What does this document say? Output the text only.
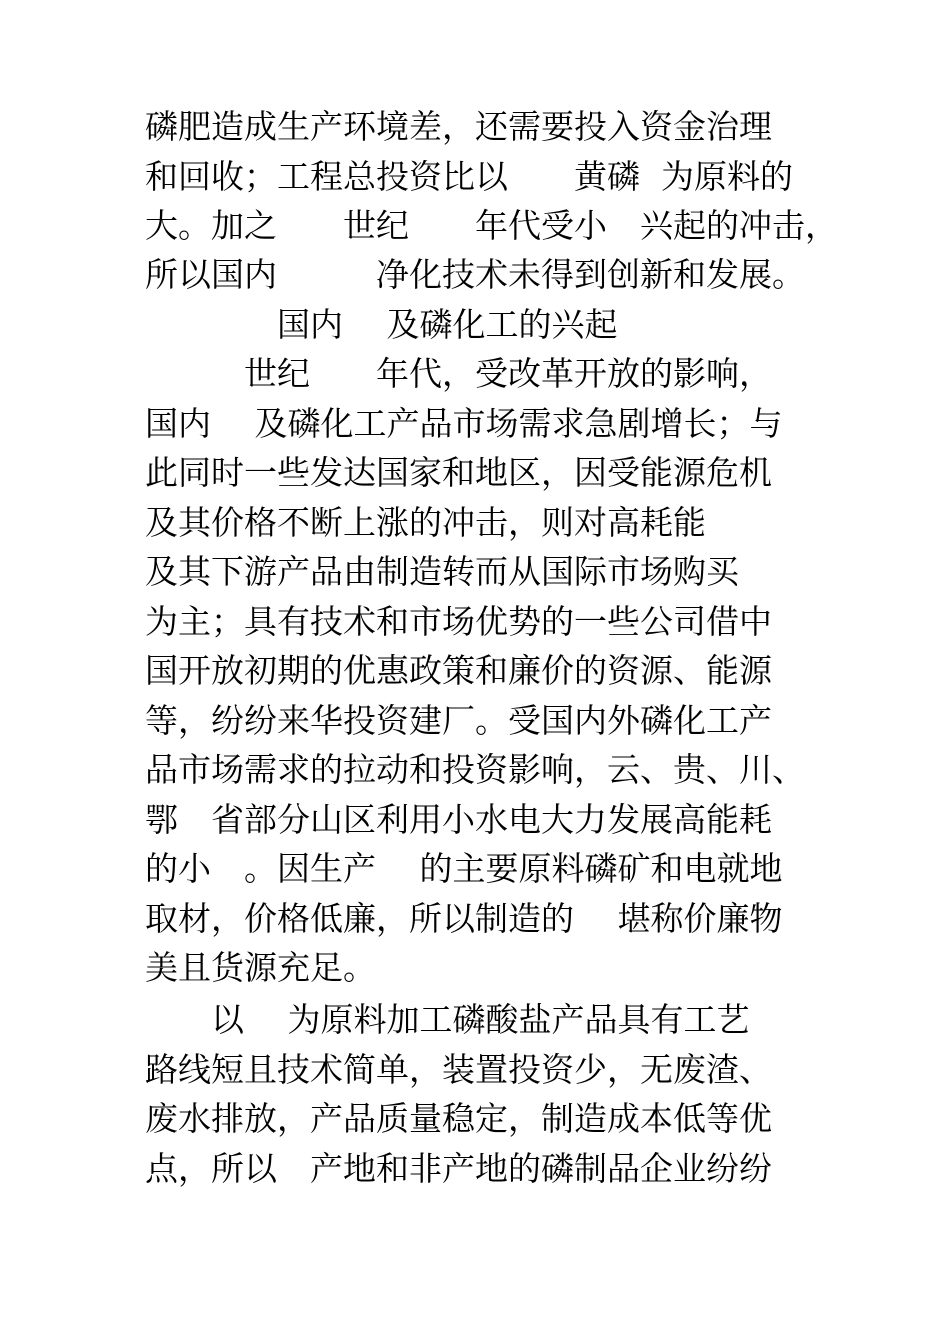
磷肥造成生产环境差，还需要投入资金治理
和回收；工程总投资比以　　黄磷  为原料的
大。加之　　世纪　　年代受小　兴起的冲击，
所以国内　　　净化技术未得到创新和发展。
　　　　国内　 及磷化工的兴起
　　　世纪　　年代，受改革开放的影响，
国内　 及磷化工产品市场需求急剧增长；与
此同时一些发达国家和地区，因受能源危机
及其价格不断上涨的冲击，则对高耗能
及其下游产品由制造转而从国际市场购买
为主；具有技术和市场优势的一些公司借中
国开放初期的优惠政策和廉价的资源、能源
等，纷纷来华投资建厂。受国内外磷化工产
品市场需求的拉动和投资影响，云、贵、川、
鄂　省部分山区利用小水电大力发展高能耗
的小　。因生产　 的主要原料磷矿和电就地
取材，价格低廉，所以制造的　 堪称价廉物
美且货源充足。
　　以　 为原料加工磷酸盐产品具有工艺
路线短且技术简单，装置投资少，无废渣、
废水排放，产品质量稳定，制造成本低等优
点，所以　产地和非产地的磷制品企业纷纷
